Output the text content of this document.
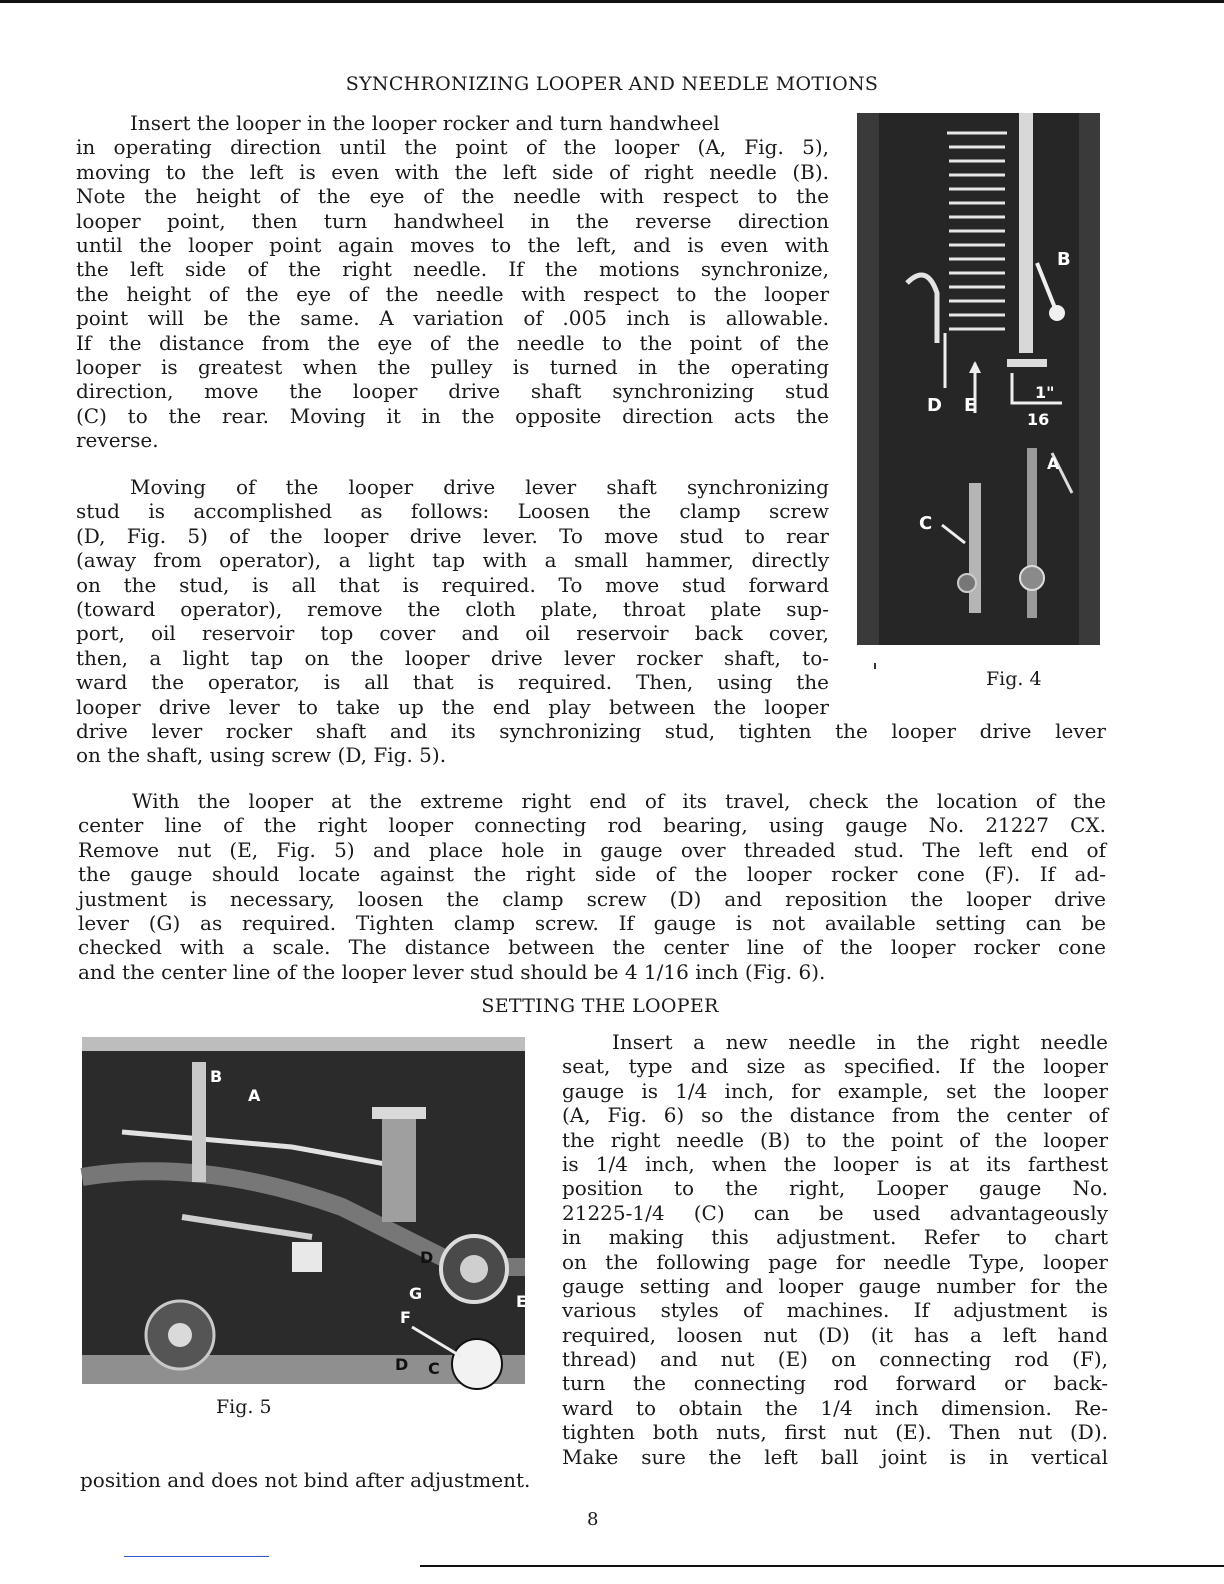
SYNCHRONIZING LOOPER AND NEEDLE MOTIONS
Insert the looper in the looper rocker and turn handwheel
in operating direction until the point of the looper (A, Fig. 5),
moving to the left is even with the left side of right needle (B).
Note the height of the eye of the needle with respect to the
looper point, then turn handwheel in the reverse direction
until the looper point again moves to the left, and is even with
the left side of the right needle. If the motions synchronize,
the height of the eye of the needle with respect to the looper
point will be the same. A variation of .005 inch is allowable.
If the distance from the eye of the needle to the point of the
looper is greatest when the pulley is turned in the operating
direction, move the looper drive shaft synchronizing stud
(C) to the rear. Moving it in the opposite direction acts the
reverse.
Moving of the looper drive lever shaft synchronizing
stud is accomplished as follows: Loosen the clamp screw
(D, Fig. 5) of the looper drive lever. To move stud to rear
(away from operator), a light tap with a small hammer, directly
on the stud, is all that is required. To move stud forward
(toward operator), remove the cloth plate, throat plate sup-
port, oil reservoir top cover and oil reservoir back cover,
then, a light tap on the looper drive lever rocker shaft, to-
ward the operator, is all that is required. Then, using the
looper drive lever to take up the end play between the looper
drive lever rocker shaft and its synchronizing stud, tighten the looper drive lever
on the shaft, using screw (D, Fig. 5).
B
D E
1"
16
A
C
Fig. 4
With the looper at the extreme right end of its travel, check the location of the
center line of the right looper connecting rod bearing, using gauge No. 21227 CX.
Remove nut (E, Fig. 5) and place hole in gauge over threaded stud. The left end of
the gauge should locate against the right side of the looper rocker cone (F). If ad-
justment is necessary, loosen the clamp screw (D) and reposition the looper drive
lever (G) as required. Tighten clamp screw. If gauge is not available setting can be
checked with a scale. The distance between the center line of the looper rocker cone
and the center line of the looper lever stud should be 4 1/16 inch (Fig. 6).
SETTING THE LOOPER
B
A
D
E
G
F
D C
Fig. 5
Insert a new needle in the right needle
seat, type and size as specified. If the looper
gauge is 1/4 inch, for example, set the looper
(A, Fig. 6) so the distance from the center of
the right needle (B) to the point of the looper
is 1/4 inch, when the looper is at its farthest
position to the right, Looper gauge No.
21225-1/4 (C) can be used advantageously
in making this adjustment. Refer to chart
on the following page for needle Type, looper
gauge setting and looper gauge number for the
various styles of machines. If adjustment is
required, loosen nut (D) (it has a left hand
thread) and nut (E) on connecting rod (F),
turn the connecting rod forward or back-
ward to obtain the 1/4 inch dimension. Re-
tighten both nuts, first nut (E). Then nut (D).
Make sure the left ball joint is in vertical
position and does not bind after adjustment.
8
